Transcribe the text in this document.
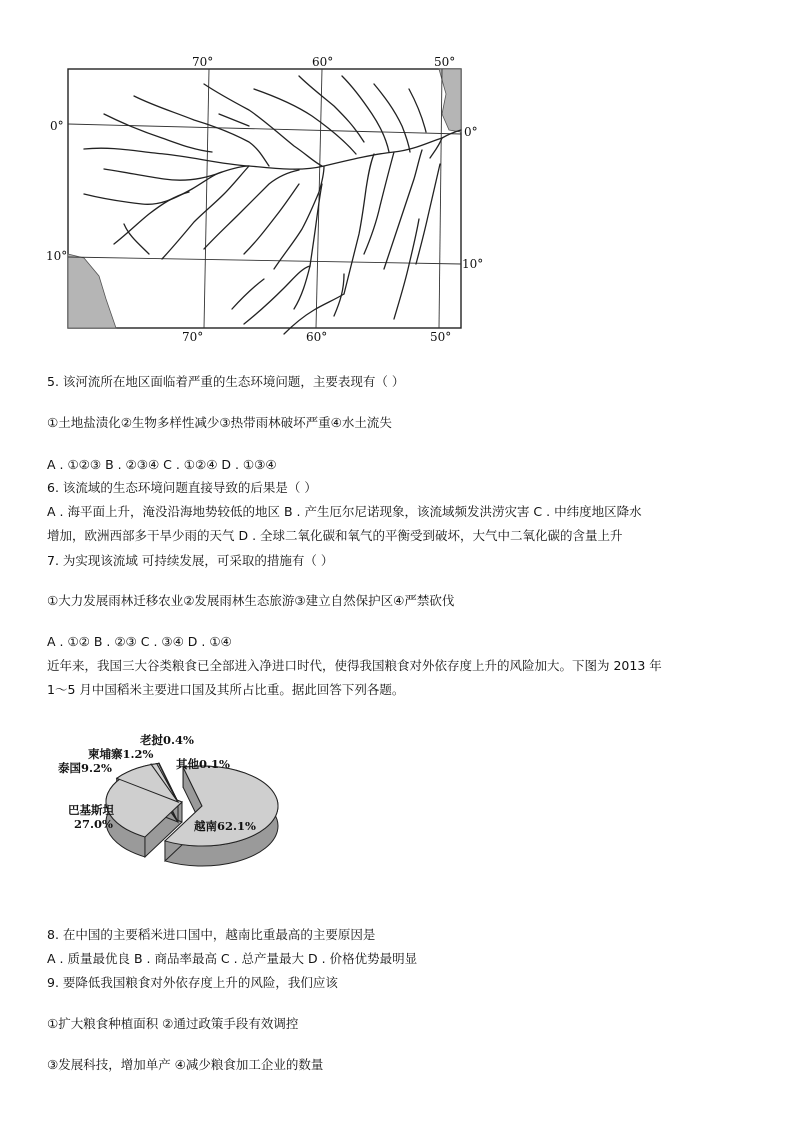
70°	60°	50°
70°	60°	50°
0°
10°
0°
10°
5. 该河流所在地区面临着严重的生态环境问题，主要表现有（ ）
①土地盐渍化②生物多样性减少③热带雨林破坏严重④水土流失
A . ①②③ B . ②③④ C . ①②④ D . ①③④
6. 该流域的生态环境问题直接导致的后果是（ ）
A . 海平面上升，淹没沿海地势较低的地区 B . 产生厄尔尼诺现象，该流域频发洪涝灾害 C . 中纬度地区降水
增加，欧洲西部多干旱少雨的天气 D . 全球二氧化碳和氧气的平衡受到破坏，大气中二氧化碳的含量上升
7. 为实现该流域 可持续发展，可采取的措施有（ ）
①大力发展雨林迁移农业②发展雨林生态旅游③建立自然保护区④严禁砍伐
A . ①② B . ②③ C . ③④ D . ①④
近年来，我国三大谷类粮食已全部进入净进口时代，使得我国粮食对外依存度上升的风险加大。下图为 2013 年
1～5 月中国稻米主要进口国及其所占比重。据此回答下列各题。
越南62.1%
巴基斯坦
27.0%
泰国9.2%
柬埔寨1.2%
老挝0.4%
其他0.1%
8. 在中国的主要稻米进口国中，越南比重最高的主要原因是
A . 质量最优良 B . 商品率最高 C . 总产量最大 D . 价格优势最明显
9. 要降低我国粮食对外依存度上升的风险，我们应该
①扩大粮食种植面积 ②通过政策手段有效调控
③发展科技，增加单产 ④减少粮食加工企业的数量
